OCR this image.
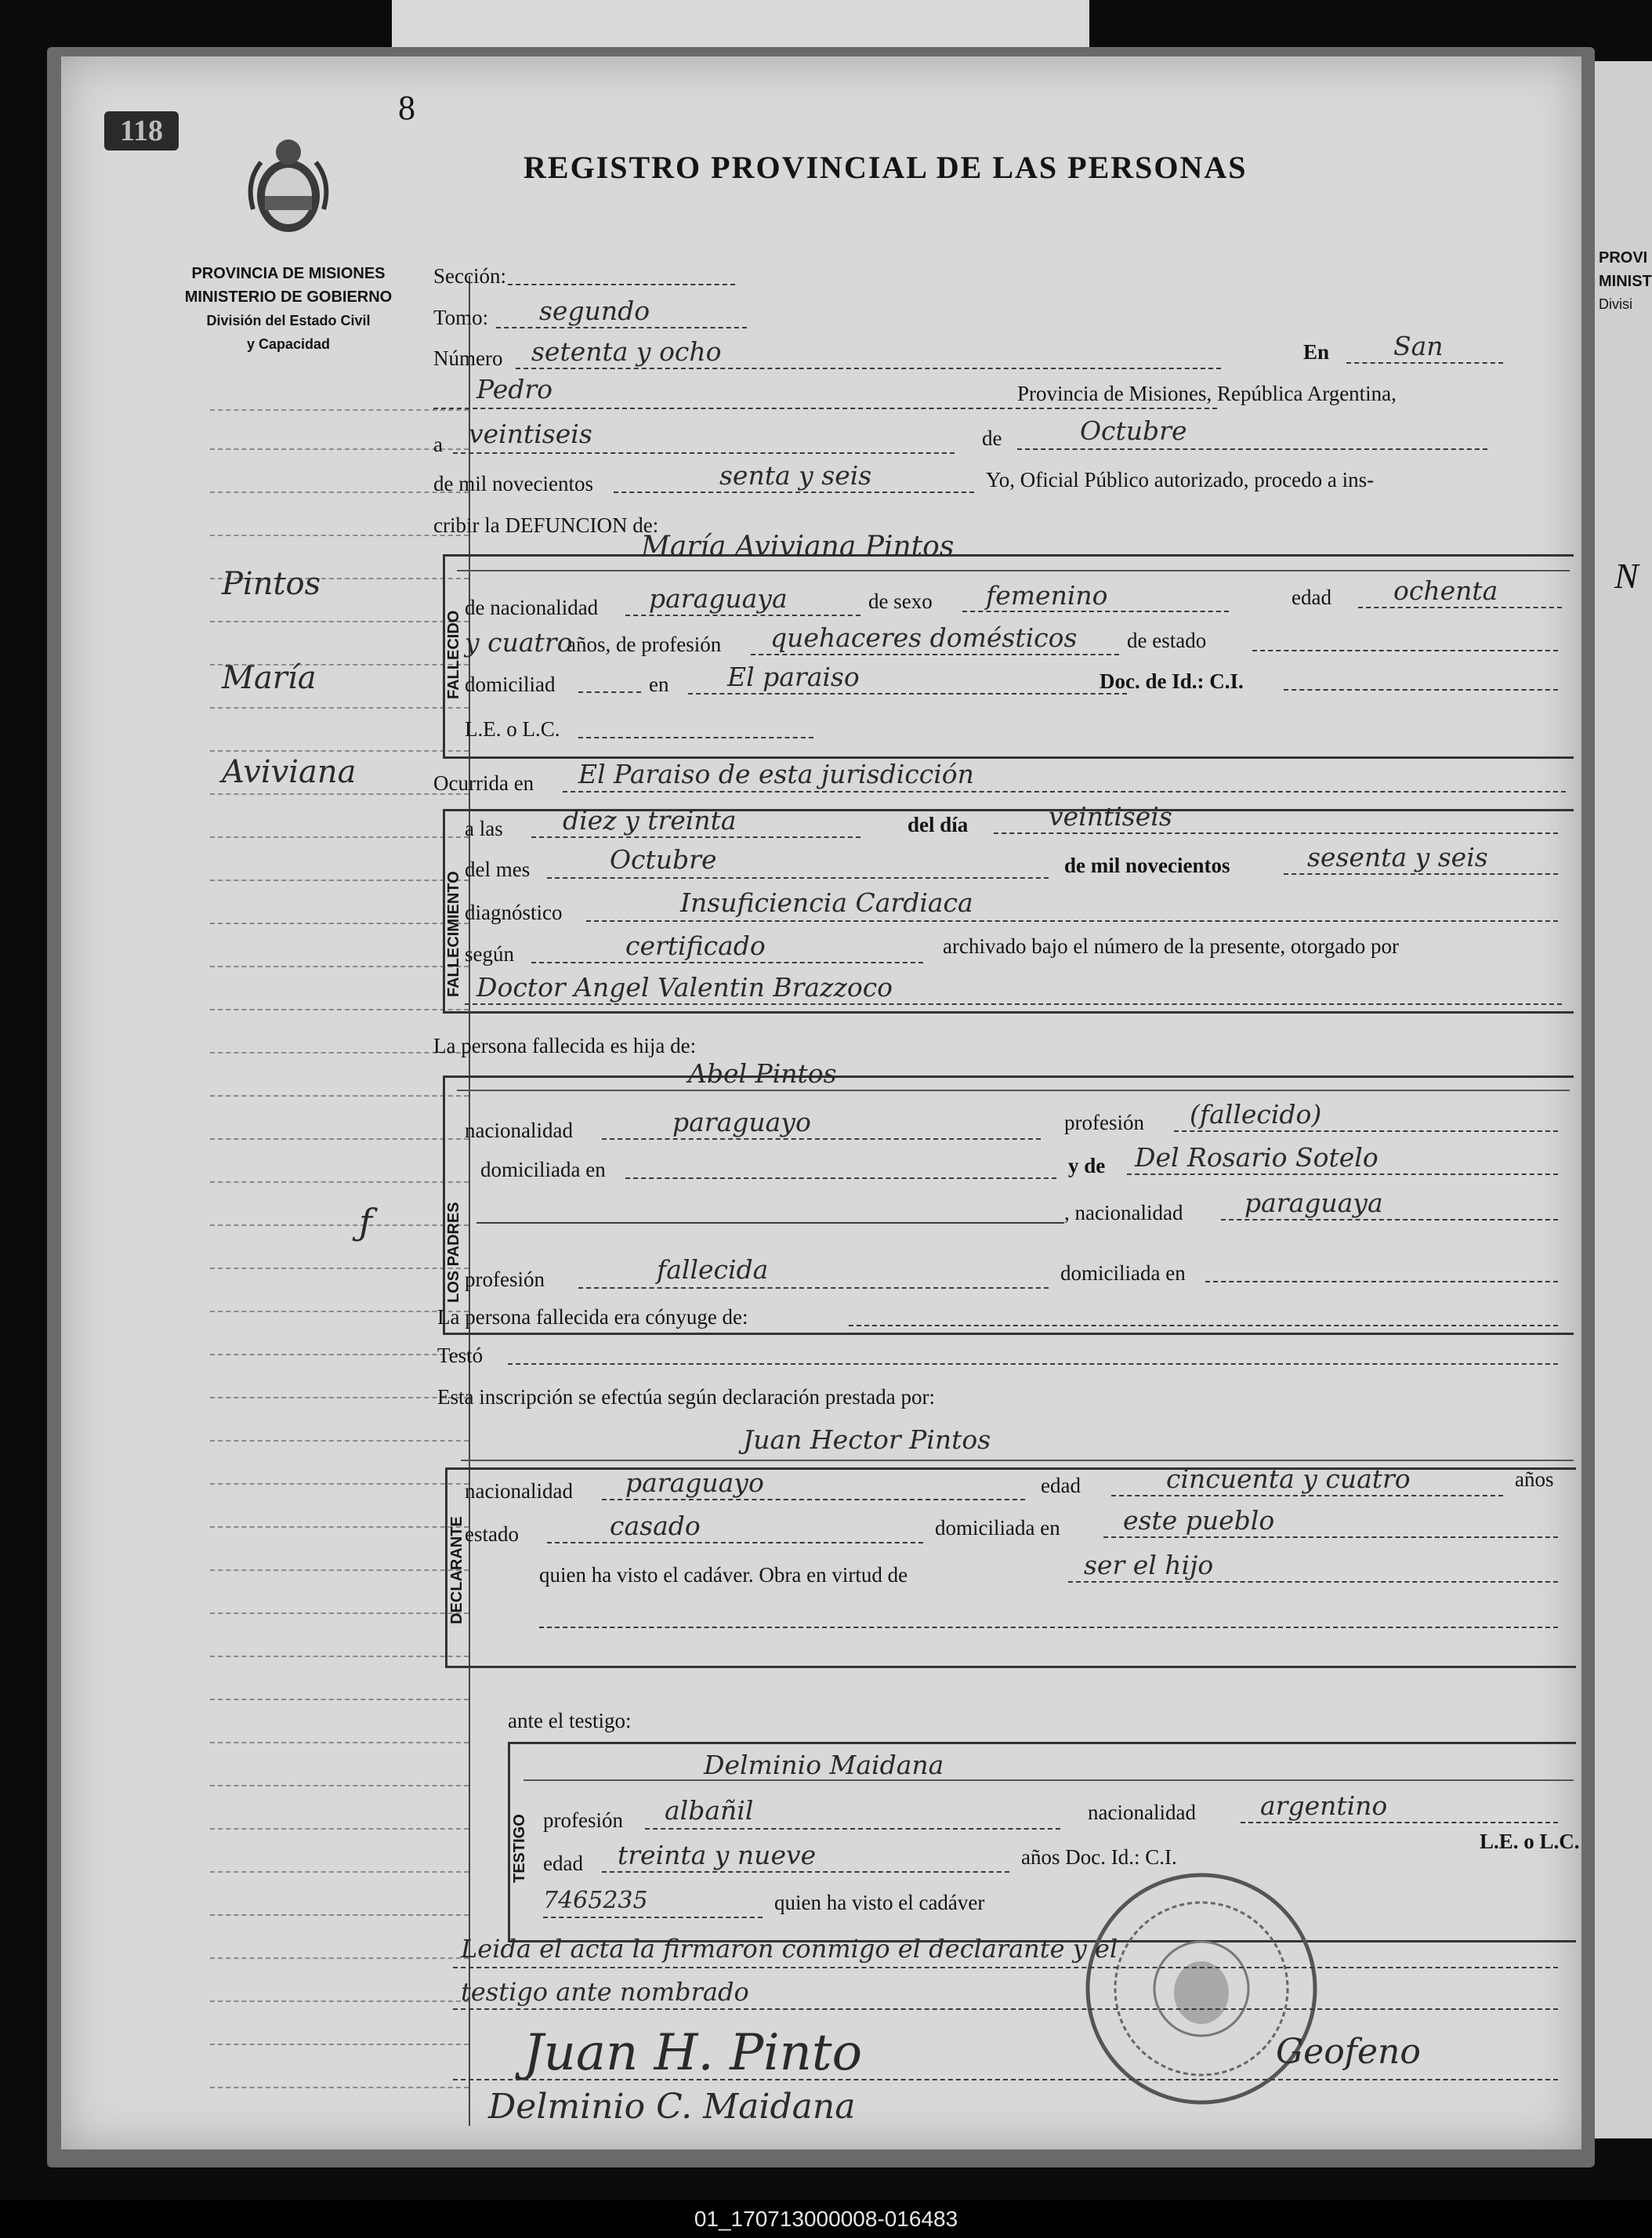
PROVI
MINIST
Divisi
N
118
8
PROVINCIA DE MISIONES
MINISTERIO DE GOBIERNO
División del Estado Civil
y Capacidad
REGISTRO PROVINCIAL DE LAS PERSONAS
Pintos
María
Aviviana
ƒ
Sección:
Tomo: segundo
Número setenta y ocho	En San
Pedro	Provincia de Misiones, República Argentina,
a veintiseis	de	Octubre
de mil novecientos	senta y seis	Yo, Oficial Público autorizado, procedo a ins-
cribir la DEFUNCION de:
FALLECIDO
María Aviviana Pintos
de nacionalidad paraguaya	de sexo femenino	edad ochenta
y cuatro
años, de profesión quehaceres domésticos de estado
domiciliad	en El paraiso	Doc. de Id.: C.I.
L.E. o L.C.
Ocurrida en El Paraiso de esta jurisdicción
FALLECIMIENTO
a las diez y treinta	del día	veintiseis
del mes	Octubre	de mil novecientos	sesenta y seis
diagnóstico	Insuficiencia Cardiaca
según	certificado	archivado bajo el número de la presente, otorgado por
Doctor Angel Valentin Brazzoco
La persona fallecida es hija de:
LOS PADRES
Abel Pintos
nacionalidad	paraguayo	profesión (fallecido)
domiciliada en	y de Del Rosario Sotelo
, nacionalidad paraguaya
profesión	fallecida	domiciliada en
La persona fallecida era cónyuge de:
Testó
Esta inscripción se efectúa según declaración prestada por:
DECLARANTE
Juan Hector Pintos
nacionalidad paraguayo	edad	cincuenta y cuatro	años
estado	casado	domiciliada en este pueblo
quien ha visto el cadáver. Obra en virtud de	ser el hijo
ante el testigo:
TESTIGO
Delminio Maidana
profesión albañil	nacionalidad argentino
L.E. o L.C.
edad treinta y nueve	años Doc. Id.: C.I.
7465235	quien ha visto el cadáver
Leida el acta la firmaron conmigo el declarante y el
testigo ante nombrado
Juan H. Pinto
Delminio C. Maidana
Geofeno
01_170713000008-016483
